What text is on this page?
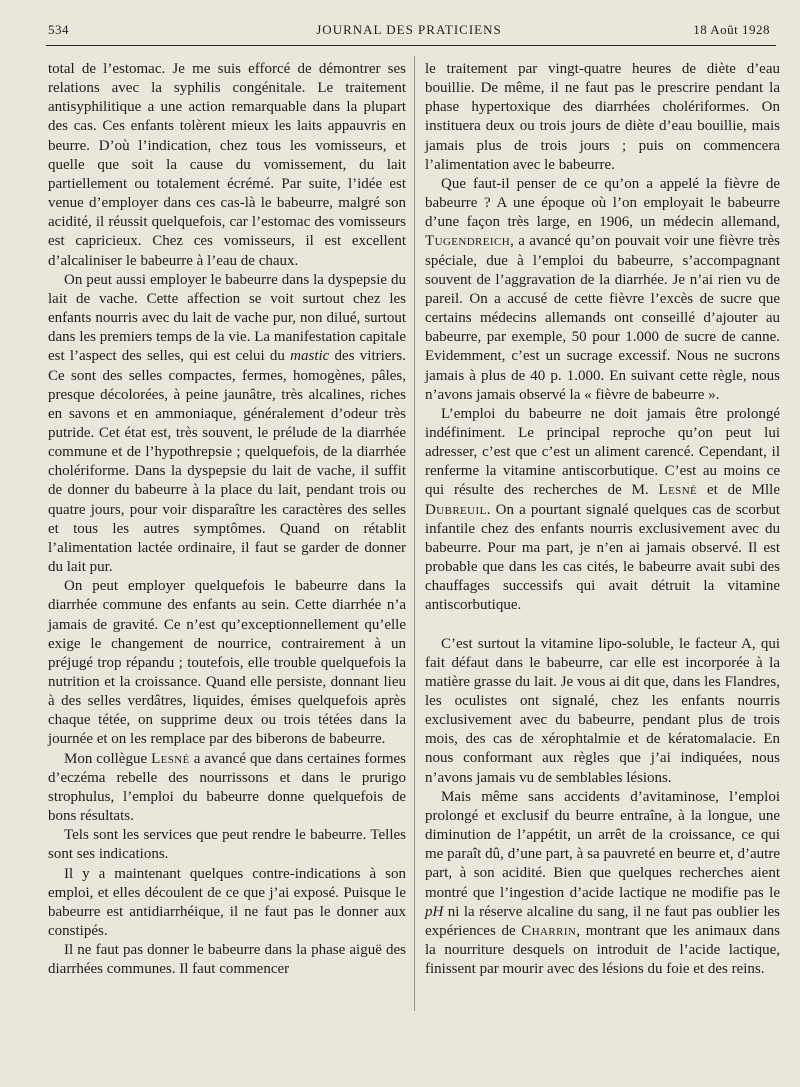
534	JOURNAL DES PRATICIENS	18 Août 1928

total de l’estomac. Je me suis efforcé de démontrer ses relations avec la syphilis congénitale. Le traitement antisyphilitique a une action remarquable dans la plupart des cas. Ces enfants tolèrent mieux les laits appauvris en beurre. D’où l’indication, chez tous les vomisseurs, et quelle que soit la cause du vomissement, du lait partiellement ou totalement écrémé. Par suite, l’idée est venue d’employer dans ces cas-là le babeurre, malgré son acidité, il réussit quelquefois, car l’estomac des vomisseurs est capricieux. Chez ces vomisseurs, il est excellent d’alcaliniser le babeurre à l’eau de chaux.

On peut aussi employer le babeurre dans la dyspepsie du lait de vache. Cette affection se voit surtout chez les enfants nourris avec du lait de vache pur, non dilué, surtout dans les premiers temps de la vie. La manifestation capitale est l’aspect des selles, qui est celui du mastic des vitriers. Ce sont des selles compactes, fermes, homogènes, pâles, presque décolorées, à peine jaunâtre, très alcalines, riches en savons et en ammoniaque, généralement d’odeur très putride. Cet état est, très souvent, le prélude de la diarrhée commune et de l’hypothrepsie ; quelquefois, de la diarrhée cholériforme. Dans la dyspepsie du lait de vache, il suffit de donner du babeurre à la place du lait, pendant trois ou quatre jours, pour voir disparaître les caractères des selles et tous les autres symptômes. Quand on rétablit l’alimentation lactée ordinaire, il faut se garder de donner du lait pur.

On peut employer quelquefois le babeurre dans la diarrhée commune des enfants au sein. Cette diarrhée n’a jamais de gravité. Ce n’est qu’exceptionnellement qu’elle exige le changement de nourrice, contrairement à un préjugé trop répandu ; toutefois, elle trouble quelquefois la nutrition et la croissance. Quand elle persiste, donnant lieu à des selles verdâtres, liquides, émises quelquefois après chaque tétée, on supprime deux ou trois tétées dans la journée et on les remplace par des biberons de babeurre.

Mon collègue Lesné a avancé que dans certaines formes d’eczéma rebelle des nourrissons et dans le prurigo strophulus, l’emploi du babeurre donne quelquefois de bons résultats.

Tels sont les services que peut rendre le babeurre. Telles sont ses indications.

Il y a maintenant quelques contre-indications à son emploi, et elles découlent de ce que j’ai exposé. Puisque le babeurre est antidiarrhéique, il ne faut pas le donner aux constipés.

Il ne faut pas donner le babeurre dans la phase aiguë des diarrhées communes. Il faut commencer

le traitement par vingt-quatre heures de diète d’eau bouillie. De même, il ne faut pas le prescrire pendant la phase hypertoxique des diarrhées cholériformes. On instituera deux ou trois jours de diète d’eau bouillie, mais jamais plus de trois jours ; puis on commencera l’alimentation avec le babeurre.

Que faut-il penser de ce qu’on a appelé la fièvre de babeurre ? A une époque où l’on employait le babeurre d’une façon très large, en 1906, un médecin allemand, Tugendreich, a avancé qu’on pouvait voir une fièvre très spéciale, due à l’emploi du babeurre, s’accompagnant souvent de l’aggravation de la diarrhée. Je n’ai rien vu de pareil. On a accusé de cette fièvre l’excès de sucre que certains médecins allemands ont conseillé d’ajouter au babeurre, par exemple, 50 pour 1.000 de sucre de canne. Evidemment, c’est un sucrage excessif. Nous ne sucrons jamais à plus de 40 p. 1.000. En suivant cette règle, nous n’avons jamais observé la « fièvre de babeurre ».

L’emploi du babeurre ne doit jamais être prolongé indéfiniment. Le principal reproche qu’on peut lui adresser, c’est que c’est un aliment carencé. Cependant, il renferme la vitamine antiscorbutique. C’est au moins ce qui résulte des recherches de M. Lesné et de Mlle Dubreuil. On a pourtant signalé quelques cas de scorbut infantile chez des enfants nourris exclusivement avec du babeurre. Pour ma part, je n’en ai jamais observé. Il est probable que dans les cas cités, le babeurre avait subi des chauffages successifs qui avait détruit la vitamine antiscorbutique.

C’est surtout la vitamine lipo-soluble, le facteur A, qui fait défaut dans le babeurre, car elle est incorporée à la matière grasse du lait. Je vous ai dit que, dans les Flandres, les oculistes ont signalé, chez les enfants nourris exclusivement avec du babeurre, pendant plus de trois mois, des cas de xérophtalmie et de kératomalacie. En nous conformant aux règles que j’ai indiquées, nous n’avons jamais vu de semblables lésions.

Mais même sans accidents d’avitaminose, l’emploi prolongé et exclusif du beurre entraîne, à la longue, une diminution de l’appétit, un arrêt de la croissance, ce qui me paraît dû, d’une part, à sa pauvreté en beurre et, d’autre part, à son acidité. Bien que quelques recherches aient montré que l’ingestion d’acide lactique ne modifie pas le pH ni la réserve alcaline du sang, il ne faut pas oublier les expériences de Charrin, montrant que les animaux dans la nourriture desquels on introduit de l’acide lactique, finissent par mourir avec des lésions du foie et des reins.
